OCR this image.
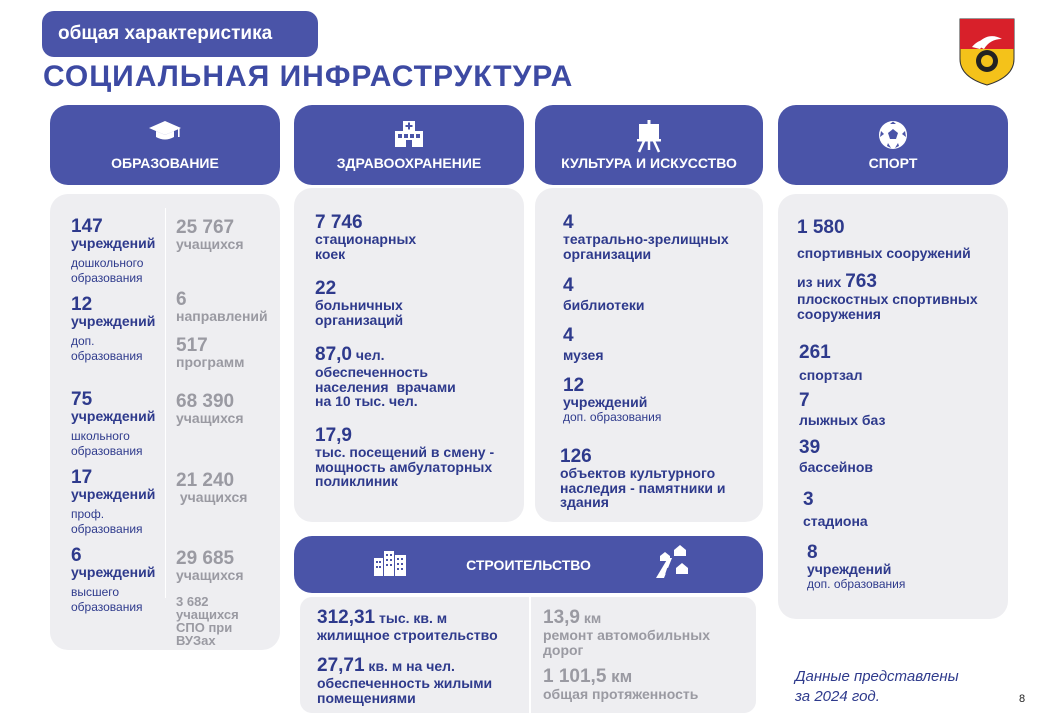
общая характеристика
СОЦИАЛЬНАЯ ИНФРАСТРУКТУРА
ОБРАЗОВАНИЕ
147
учреждений
дошкольного
образования
25 767
учащихся
12
учреждений
доп.
образования
6
направлений
517
программ
75
учреждений
школьного
образования
68 390
учащихся
17
учреждений
проф.
образования
21 240
учащихся
6
учреждений
высшего
образования
29 685
учащихся
3 682
учащихся
СПО при
ВУЗах
ЗДРАВООХРАНЕНИЕ
7 746
стационарных
коек
22
больничных
организаций
87,0 чел.
обеспеченность
населения  врачами
на 10 тыс. чел.
17,9
тыс. посещений в смену -
мощность амбулаторных
поликлиник
КУЛЬТУРА И ИСКУССТВО
4
театрально-зрелищных
организации
4
библиотеки
4
музея
12
учреждений
доп. образования
126
объектов культурного
наследия - памятники и
здания
СПОРТ
1 580
спортивных сооружений
из них 763
плоскостных спортивных
сооружения
261
спортзал
7
лыжных баз
39
бассейнов
3
стадиона
8
учреждений
доп. образования
СТРОИТЕЛЬСТВО
312,31 тыс. кв. м
жилищное строительство
27,71 кв. м на чел.
обеспеченность жилыми
помещениями
13,9 км
ремонт автомобильных
дорог
1 101,5 км
общая протяженность
Данные представлены
за 2024 год.	8
